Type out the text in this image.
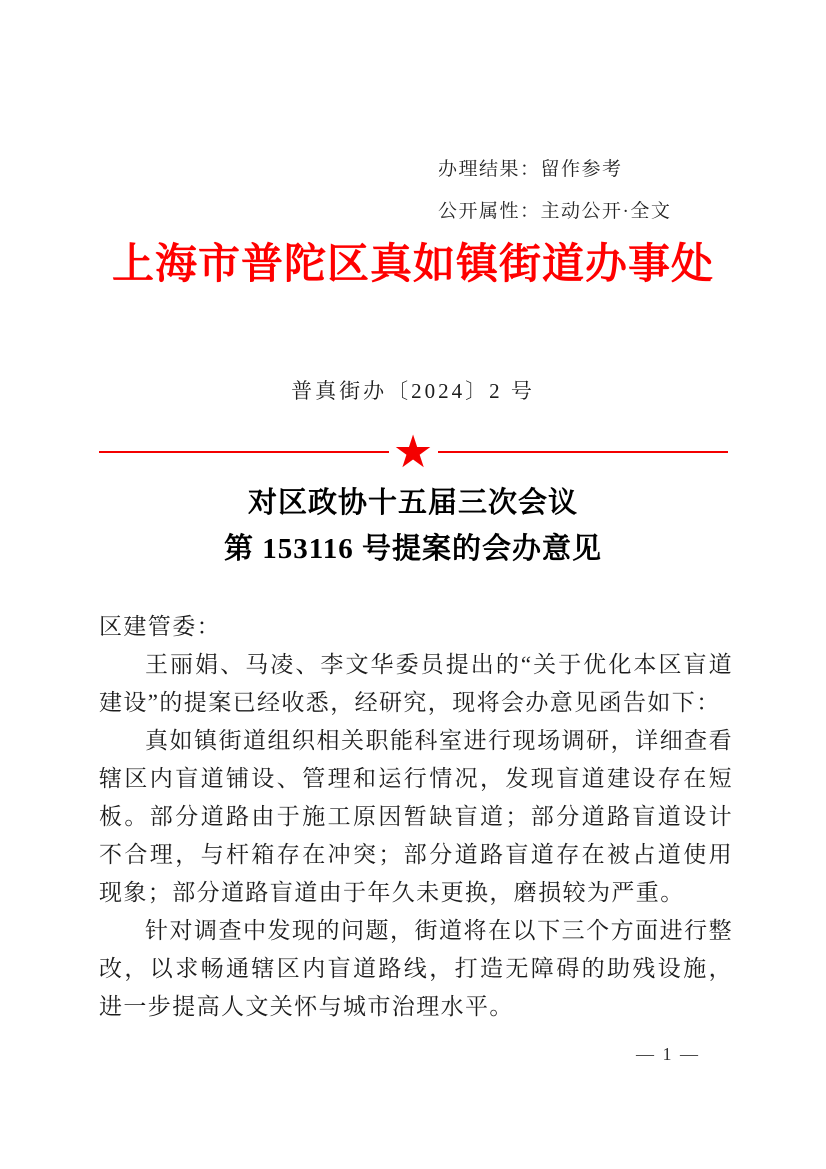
办理结果：留作参考
公开属性：主动公开·全文
上海市普陀区真如镇街道办事处
普真街办〔2024〕2 号
★
对区政协十五届三次会议
第 153116 号提案的会办意见

区建管委：

王丽娟、马凌、李文华委员提出的“关于优化本区盲道建设”的提案已经收悉，经研究，现将会办意见函告如下：

真如镇街道组织相关职能科室进行现场调研，详细查看辖区内盲道铺设、管理和运行情况，发现盲道建设存在短板。部分道路由于施工原因暂缺盲道；部分道路盲道设计不合理，与杆箱存在冲突；部分道路盲道存在被占道使用现象；部分道路盲道由于年久未更换，磨损较为严重。

针对调查中发现的问题，街道将在以下三个方面进行整改，以求畅通辖区内盲道路线，打造无障碍的助残设施，进一步提高人文关怀与城市治理水平。

— 1 —
